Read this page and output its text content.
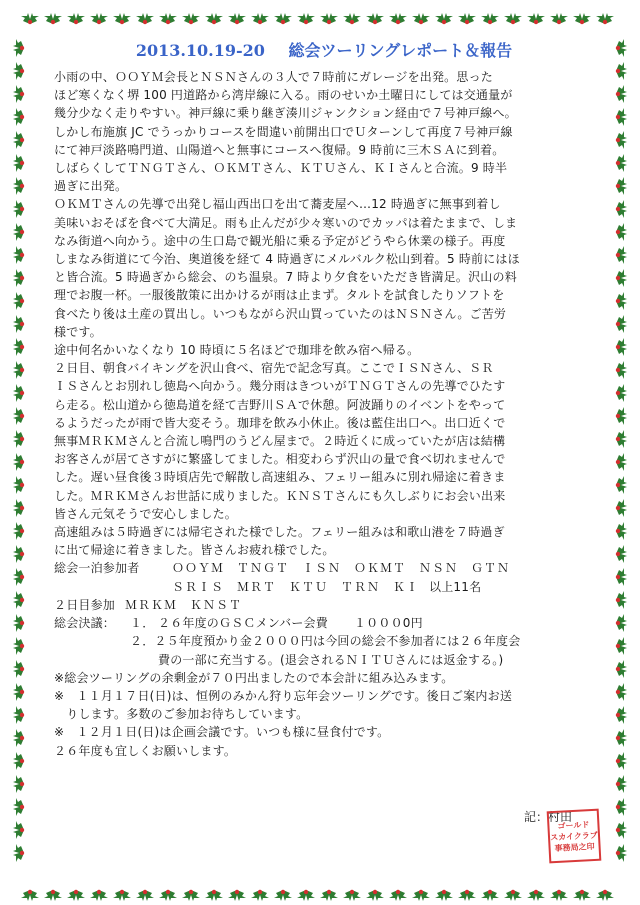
2013.10.19-20 総会ツーリングレポート＆報告
小雨の中、ＯＯＹＭ会長とＮＳＮさんの３人で７時前にガレージを出発。思った
ほど寒くなく堺 100 円道路から湾岸線に入る。雨のせいか土曜日にしては交通量が
幾分少なく走りやすい。神戸線に乗り継ぎ湊川ジャンクション経由で７号神戸線へ。
しかし布施旗 JC でうっかりコースを間違い前開出口でＵターンして再度７号神戸線
にて神戸淡路鳴門道、山陽道へと無事にコースへ復帰。9 時前に三木ＳＡに到着。
しばらくしてＴＮＧＴさん、ＯＫＭＴさん、ＫＴＵさん、ＫＩさんと合流。9 時半
過ぎに出発。
ＯＫＭＴさんの先導で出発し福山西出口を出て蕎麦屋へ…12 時過ぎに無事到着し
美味いおそばを食べて大満足。雨も止んだが少々寒いのでカッパは着たままで、しま
なみ街道へ向かう。途中の生口島で観光船に乗る予定がどうやら休業の様子。再度
しまなみ街道にて今治、奥道後を経て 4 時過ぎにメルバルク松山到着。5 時前にはほ
と皆合流。5 時過ぎから総会、のち温泉。7 時より夕食をいただき皆満足。沢山の料
理でお腹一杯。一服後散策に出かけるが雨は止まず。タルトを試食したりソフトを
食べたり後は土産の買出し。いつもながら沢山買っていたのはＮＳＮさん。ご苦労
様です。
途中何名かいなくなり 10 時頃に５名ほどで珈琲を飲み宿へ帰る。
２日目、朝食バイキングを沢山食べ、宿先で記念写真。ここでＩＳＮさん、ＳＲ
ＩＳさんとお別れし徳島へ向かう。幾分雨はきついがＴＮＧＴさんの先導でひたす
ら走る。松山道から徳島道を経て吉野川ＳＡで休憩。阿波踊りのイベントをやって
るようだったが雨で皆大変そう。珈琲を飲み小休止。後は藍住出口へ。出口近くで
無事ＭＲＫＭさんと合流し鳴門のうどん屋まで。２時近くに成っていたが店は結構
お客さんが居てさすがに繁盛してました。相変わらず沢山の量で食べ切れませんで
した。遅い昼食後３時頃店先で解散し高速組み、フェリー組みに別れ帰途に着きま
した。ＭＲＫＭさんお世話に成りました。ＫＮＳＴさんにも久しぶりにお会い出来
皆さん元気そうで安心しました。
高速組みは５時過ぎには帰宅された様でした。フェリー組みは和歌山港を７時過ぎ
に出て帰途に着きました。皆さんお疲れ様でした。
総会一泊参加者	ＯＯＹＭ　ＴＮＧＴ　ＩＳＮ　ＯＫＭＴ　ＮＳＮ　ＧＴＮ
ＳＲＩＳ　ＭＲＴ　ＫＴＵ　ＴＲＮ　ＫＩ 以上11名
２日目参加 ＭＲＫＭ　ＫＮＳＴ
総会決議：	１． ２６年度のＧＳＣメンバー会費 １０００0円
２．２５年度預かり金２０００円は今回の総会不参加者には２６年度会
費の一部に充当する。(退会されるＮＩＴＵさんには返金する。)
※総会ツーリングの余剰金が７０円出ましたので本会計に組み込みます。
※　１１月１７日(日)は、恒例のみかん狩り忘年会ツーリングです。後日ご案内お送
　りします。多数のご参加お待ちしています。
※　１２月１日(日)は企画会議です。いつも様に昼食付です。
２６年度も宜しくお願いします。
記：村田
ゴールド
スカイクラブ
事務局之印
